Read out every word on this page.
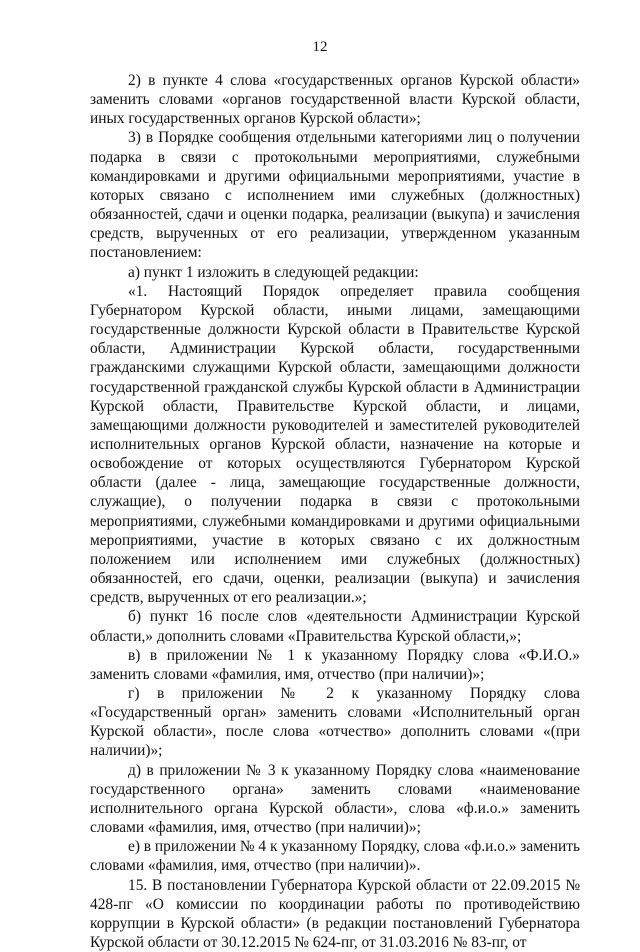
12

2) в пункте 4 слова «государственных органов Курской области» заменить словами «органов государственной власти Курской области, иных государственных органов Курской области»;

3) в Порядке сообщения отдельными категориями лиц о получении подарка в связи с протокольными мероприятиями, служебными командировками и другими официальными мероприятиями, участие в которых связано с исполнением ими служебных (должностных) обязанностей, сдачи и оценки подарка, реализации (выкупа) и зачисления средств, вырученных от его реализации, утвержденном указанным постановлением:

а) пункт 1 изложить в следующей редакции:

«1. Настоящий Порядок определяет правила сообщения Губернатором Курской области, иными лицами, замещающими государственные должности Курской области в Правительстве Курской области, Администрации Курской области, государственными гражданскими служащими Курской области, замещающими должности государственной гражданской службы Курской области в Администрации Курской области, Правительстве Курской области, и лицами, замещающими должности руководителей и заместителей руководителей исполнительных органов Курской области, назначение на которые и освобождение от которых осуществляются Губернатором Курской области (далее - лица, замещающие государственные должности, служащие), о получении подарка в связи с протокольными мероприятиями, служебными командировками и другими официальными мероприятиями, участие в которых связано с их должностным положением или исполнением ими служебных (должностных) обязанностей, его сдачи, оценки, реализации (выкупа) и зачисления средств, вырученных от его реализации.»;

б) пункт 16 после слов «деятельности Администрации Курской области,» дополнить словами «Правительства Курской области,»;

в) в приложении № 1 к указанному Порядку слова «Ф.И.О.» заменить словами «фамилия, имя, отчество (при наличии)»;

г) в приложении № 2 к указанному Порядку слова «Государственный орган» заменить словами «Исполнительный орган Курской области», после слова «отчество» дополнить словами «(при наличии)»;

д) в приложении № 3 к указанному Порядку слова «наименование государственного органа» заменить словами «наименование исполнительного органа Курской области», слова «ф.и.о.» заменить словами «фамилия, имя, отчество (при наличии)»;

е) в приложении № 4 к указанному Порядку, слова «ф.и.о.» заменить словами «фамилия, имя, отчество (при наличии)».

15. В постановлении Губернатора Курской области от 22.09.2015 № 428-пг «О комиссии по координации работы по противодействию коррупции в Курской области» (в редакции постановлений Губернатора Курской области от 30.12.2015 № 624-пг, от 31.03.2016 № 83-пг, от
